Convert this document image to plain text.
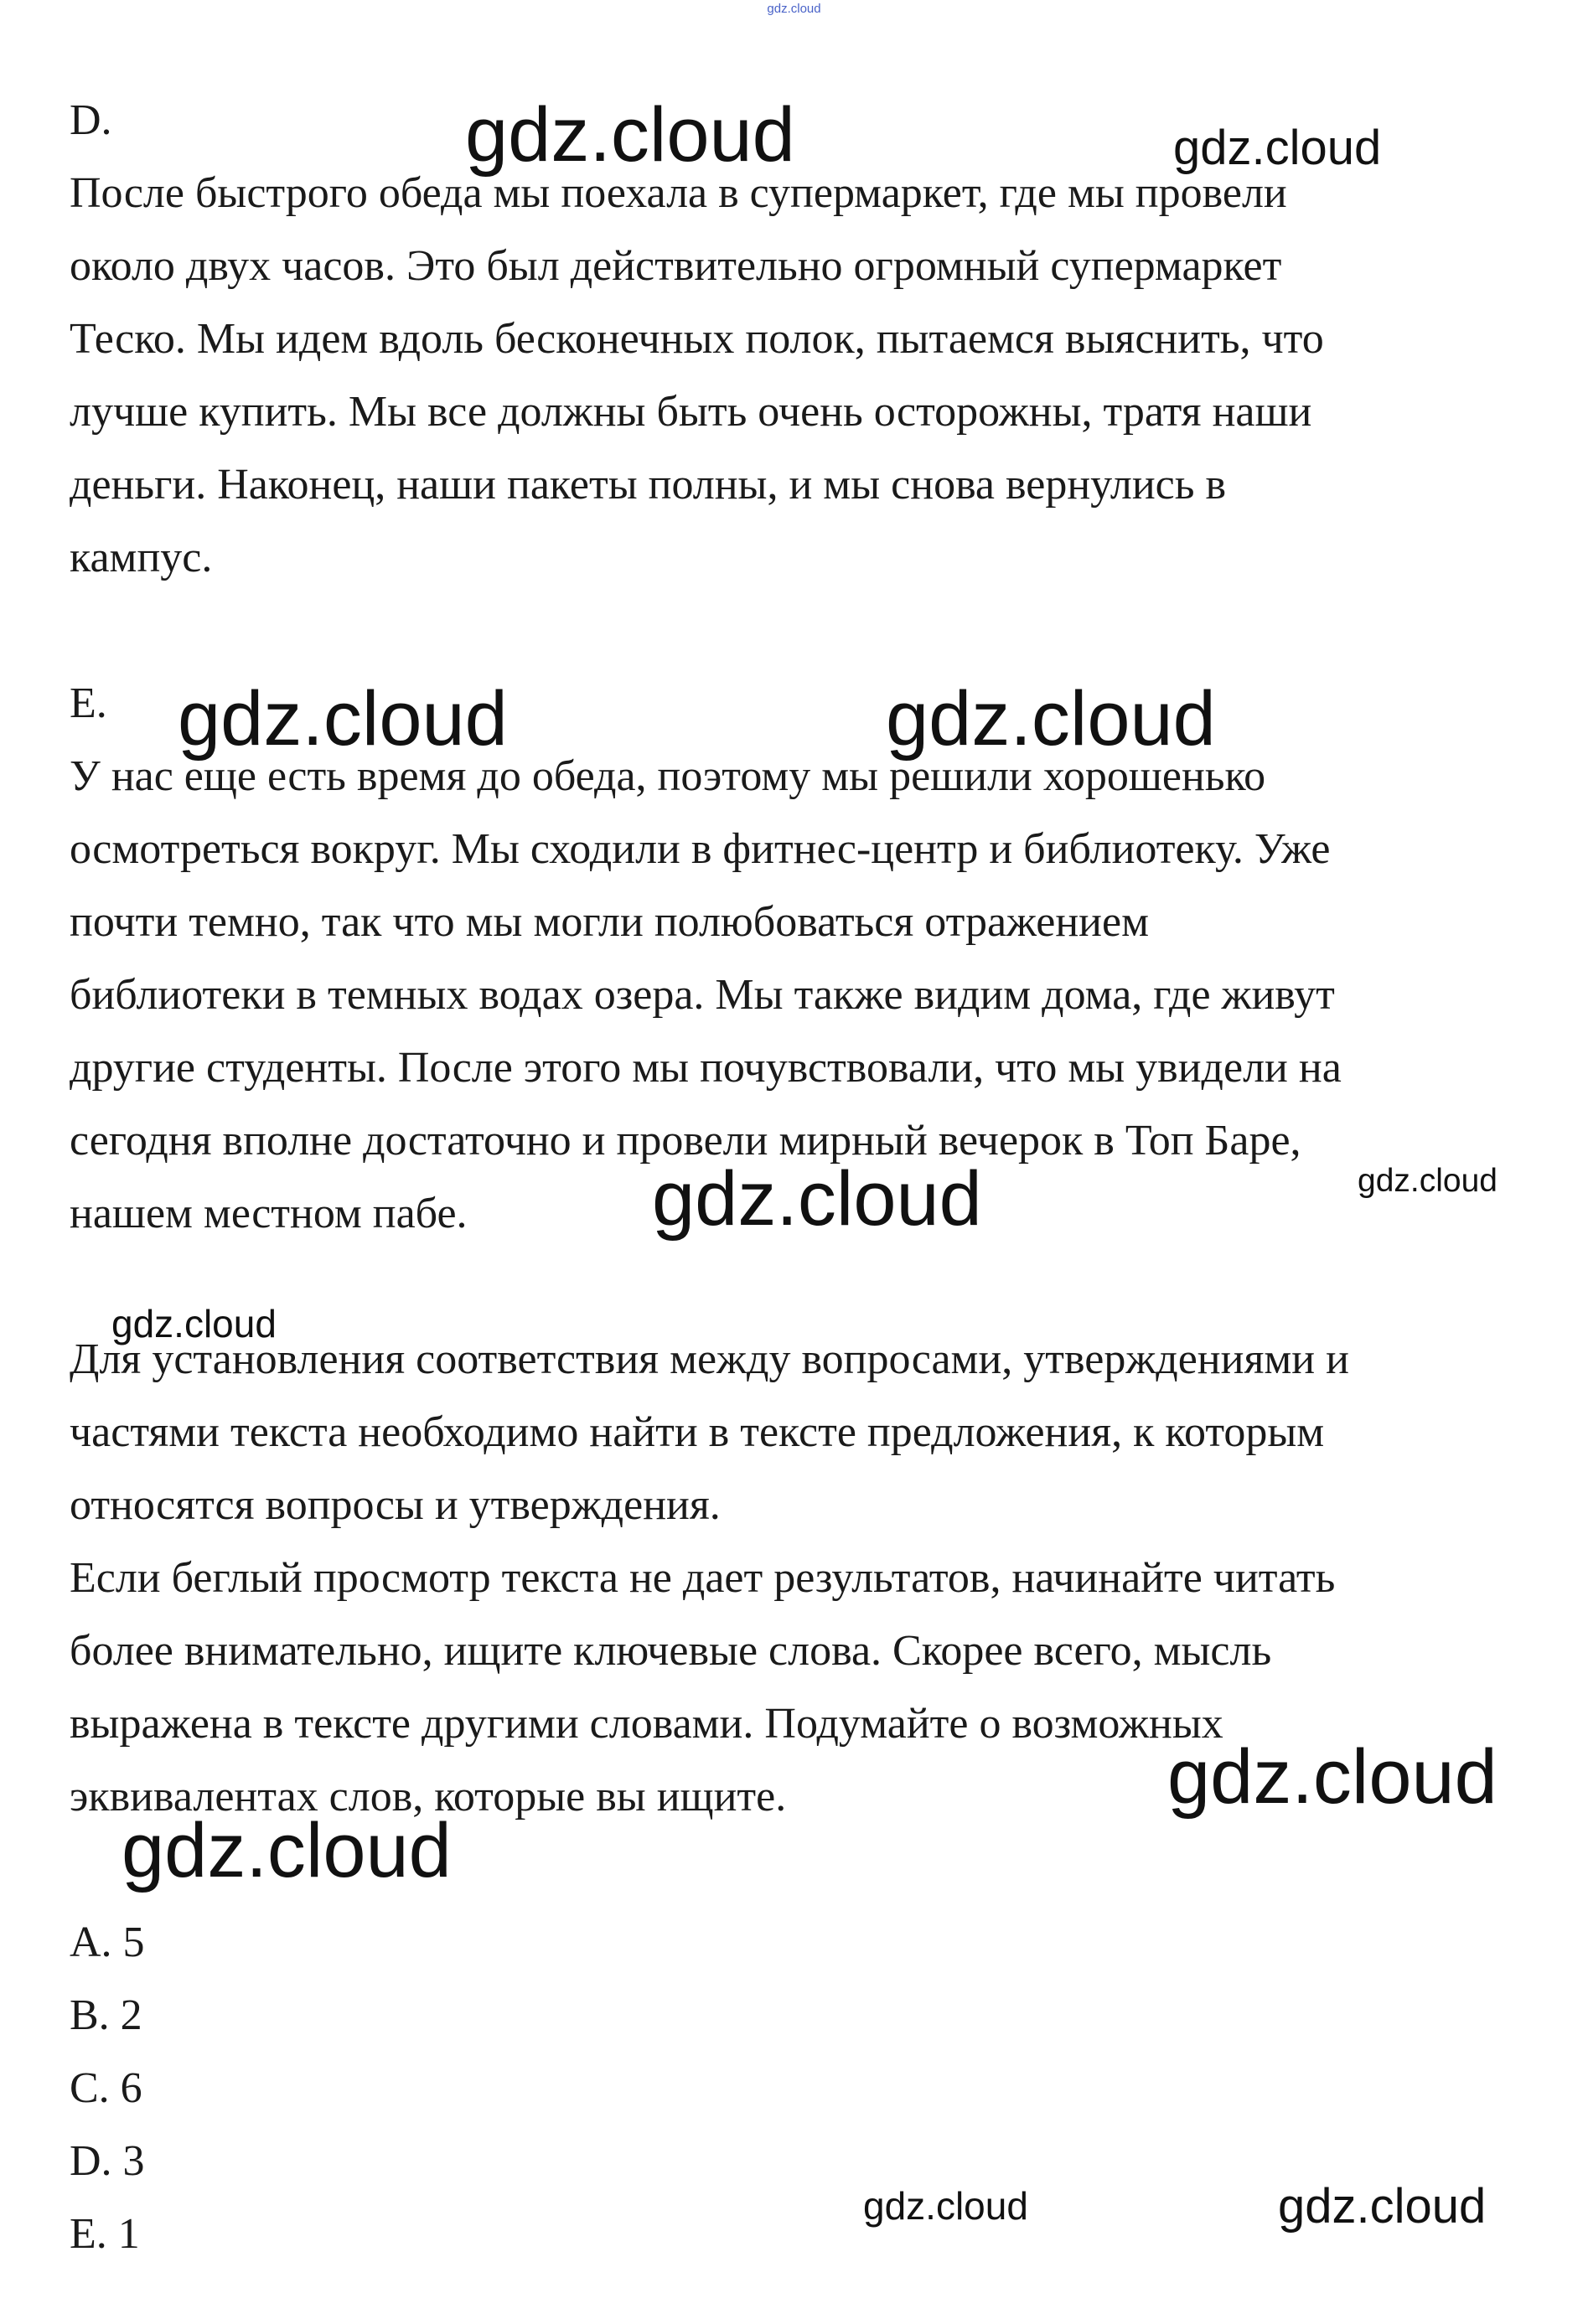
gdz.cloud

D.

После быстрого обеда мы поехала в супермаркет, где мы провели

около двух часов. Это был действительно огромный супермаркет

Теско. Мы идем вдоль бесконечных полок, пытаемся выяснить, что

лучше купить. Мы все должны быть очень осторожны, тратя наши

деньги. Наконец, наши пакеты полны, и мы снова вернулись в

кампус.

E.

У нас еще есть время до обеда, поэтому мы решили хорошенько

осмотреться вокруг. Мы сходили в фитнес-центр и библиотеку. Уже

почти темно, так что мы могли полюбоваться отражением

библиотеки в темных водах озера. Мы также видим дома, где живут

другие студенты. После этого мы почувствовали, что мы увидели на

сегодня вполне достаточно и провели мирный вечерок в Топ Баре,

нашем местном пабе.

Для установления соответствия между вопросами, утверждениями и

частями текста необходимо найти в тексте предложения, к которым

относятся вопросы и утверждения.

Если беглый просмотр текста не дает результатов, начинайте читать

более внимательно, ищите ключевые слова. Скорее всего, мысль

выражена в тексте другими словами. Подумайте о возможных

эквивалентах слов, которые вы ищите.

A. 5

B. 2

C. 6

D. 3

E. 1

gdz.cloud	gdz.cloud
gdz.cloud	gdz.cloud
gdz.cloud	gdz.cloud
gdz.cloud
gdz.cloud
gdz.cloud
gdz.cloud	gdz.cloud
